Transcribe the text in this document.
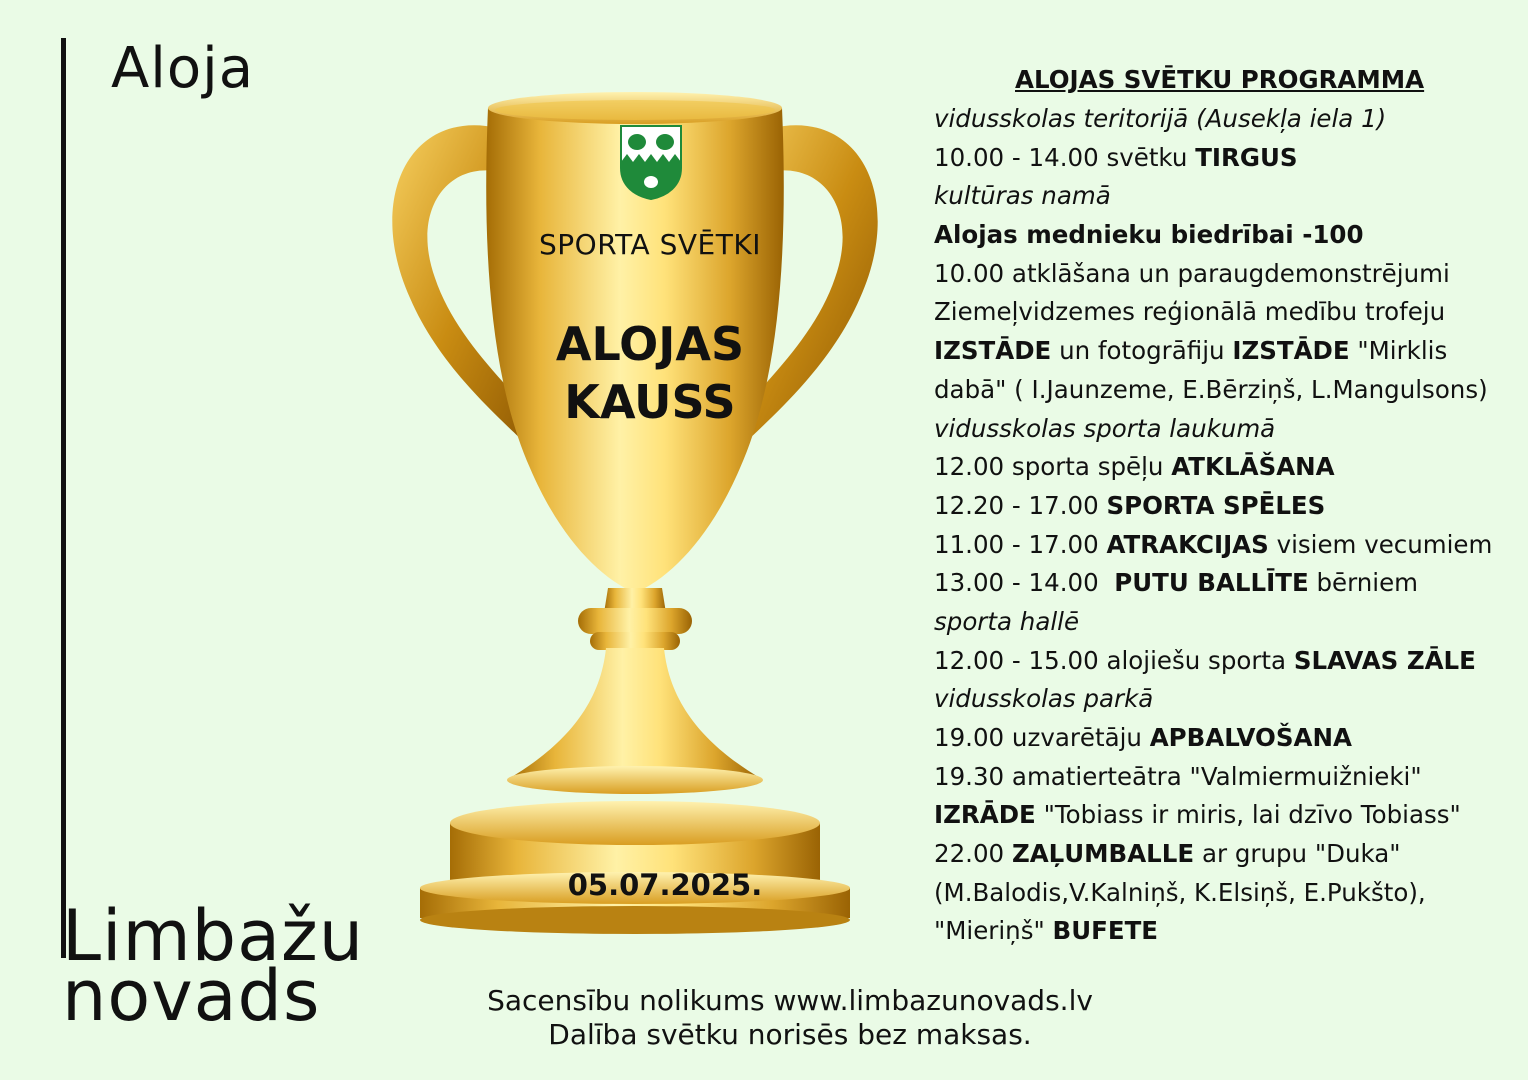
Aloja
SPORTA SVĒTKI
ALOJAS
KAUSS
05.07.2025.
ALOJAS SVĒTKU PROGRAMMA
vidusskolas teritorijā (Ausekļa iela 1)
10.00 - 14.00 svētku TIRGUS
kultūras namā
Alojas mednieku biedrībai -100
10.00 atklāšana un paraugdemonstrējumi
Ziemeļvidzemes reģionālā medību trofeju
IZSTĀDE un fotogrāfiju IZSTĀDE "Mirklis
dabā" ( I.Jaunzeme, E.Bērziņš, L.Mangulsons)
vidusskolas sporta laukumā
12.00 sporta spēļu ATKLĀŠANA
12.20 - 17.00 SPORTA SPĒLES
11.00 - 17.00 ATRAKCIJAS visiem vecumiem
13.00 - 14.00  PUTU BALLĪTE bērniem
sporta hallē
12.00 - 15.00 alojiešu sporta SLAVAS ZĀLE
vidusskolas parkā
19.00 uzvarētāju APBALVOŠANA
19.30 amatierteātra "Valmiermuižnieki"
IZRĀDE "Tobiass ir miris, lai dzīvo Tobiass"
22.00 ZAĻUMBALLE ar grupu "Duka"
(M.Balodis,V.Kalniņš, K.Elsiņš, E.Pukšto),
"Mieriņš" BUFETE
Limbažu
novads	Sacensību nolikums www.limbazunovads.lv
Dalība svētku norisēs bez maksas.
